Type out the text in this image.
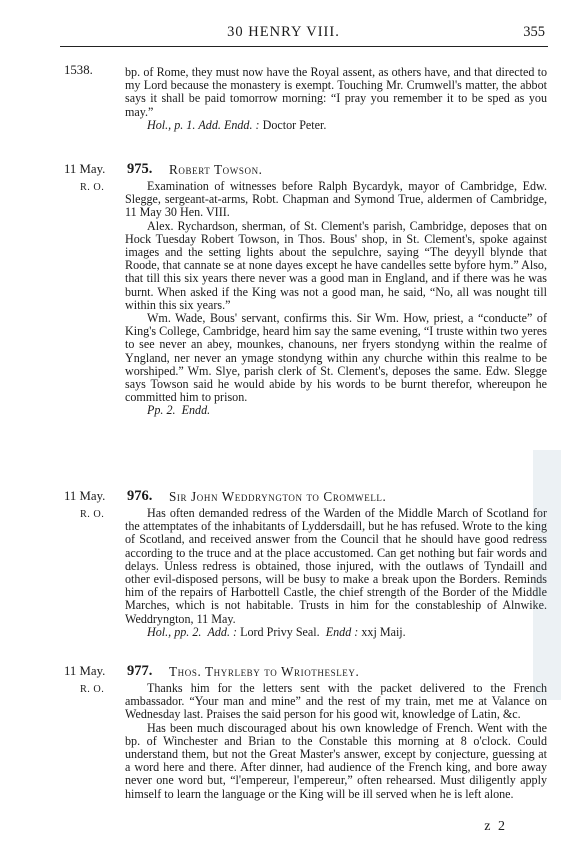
30 HENRY VIII.	355
1538.	bp. of Rome, they must now have the Royal assent, as others have, and that directed to my Lord because the monastery is exempt. Touching Mr. Crumwell's matter, the abbot says it shall be paid tomorrow morning: “I pray you remember it to be sped as you may.”

Hol., p. 1. Add. Endd. : Doctor Peter.

11 May. 975. Robert Towson.
R. O.	Examination of witnesses before Ralph Bycardyk, mayor of Cambridge, Edw. Slegge, sergeant-at-arms, Robt. Chapman and Symond True, aldermen of Cambridge, 11 May 30 Hen. VIII.

Alex. Rychardson, sherman, of St. Clement's parish, Cambridge, deposes that on Hock Tuesday Robert Towson, in Thos. Bous' shop, in St. Clement's, spoke against images and the setting lights about the sepulchre, saying “The deyyll blynde that Roode, that cannate se at none dayes except he have candelles sette byfore hym.” Also, that till this six years there never was a good man in England, and if there was he was burnt. When asked if the King was not a good man, he said, “No, all was nought till within this six years.”

Wm. Wade, Bous' servant, confirms this. Sir Wm. How, priest, a “conducte” of King's College, Cambridge, heard him say the same evening, “I truste within two yeres to see never an abey, mounkes, chanouns, ner fryers stondyng within the realme of Yngland, ner never an ymage stondyng within any churche within this realme to be worshiped.” Wm. Slye, parish clerk of St. Clement's, deposes the same. Edw. Slegge says Towson said he would abide by his words to be burnt therefor, whereupon he committed him to prison.

Pp. 2. Endd.

11 May. 976. Sir John Weddryngton to Cromwell.
R. O.	Has often demanded redress of the Warden of the Middle March of Scotland for the attemptates of the inhabitants of Lyddersdaill, but he has refused. Wrote to the king of Scotland, and received answer from the Council that he should have good redress according to the truce and at the place accustomed. Can get nothing but fair words and delays. Unless redress is obtained, those injured, with the outlaws of Tyndaill and other evil-disposed persons, will be busy to make a break upon the Borders. Reminds him of the repairs of Harbottell Castle, the chief strength of the Border of the Middle Marches, which is not habitable. Trusts in him for the constableship of Alnwike. Weddryngton, 11 May.

Hol., pp. 2. Add. : Lord Privy Seal. Endd : xxj Maij.

11 May. 977. Thos. Thyrleby to Wriothesley.
R. O.	Thanks him for the letters sent with the packet delivered to the French ambassador. “Your man and mine” and the rest of my train, met me at Valance on Wednesday last. Praises the said person for his good wit, knowledge of Latin, &c.

Has been much discouraged about his own knowledge of French. Went with the bp. of Winchester and Brian to the Constable this morning at 8 o'clock. Could understand them, but not the Great Master's answer, except by conjecture, guessing at a word here and there. After dinner, had audience of the French king, and bore away never one word but, “l'empereur, l'empereur,” often rehearsed. Must diligently apply himself to learn the language or the King will be ill served when he is left alone.

z 2
